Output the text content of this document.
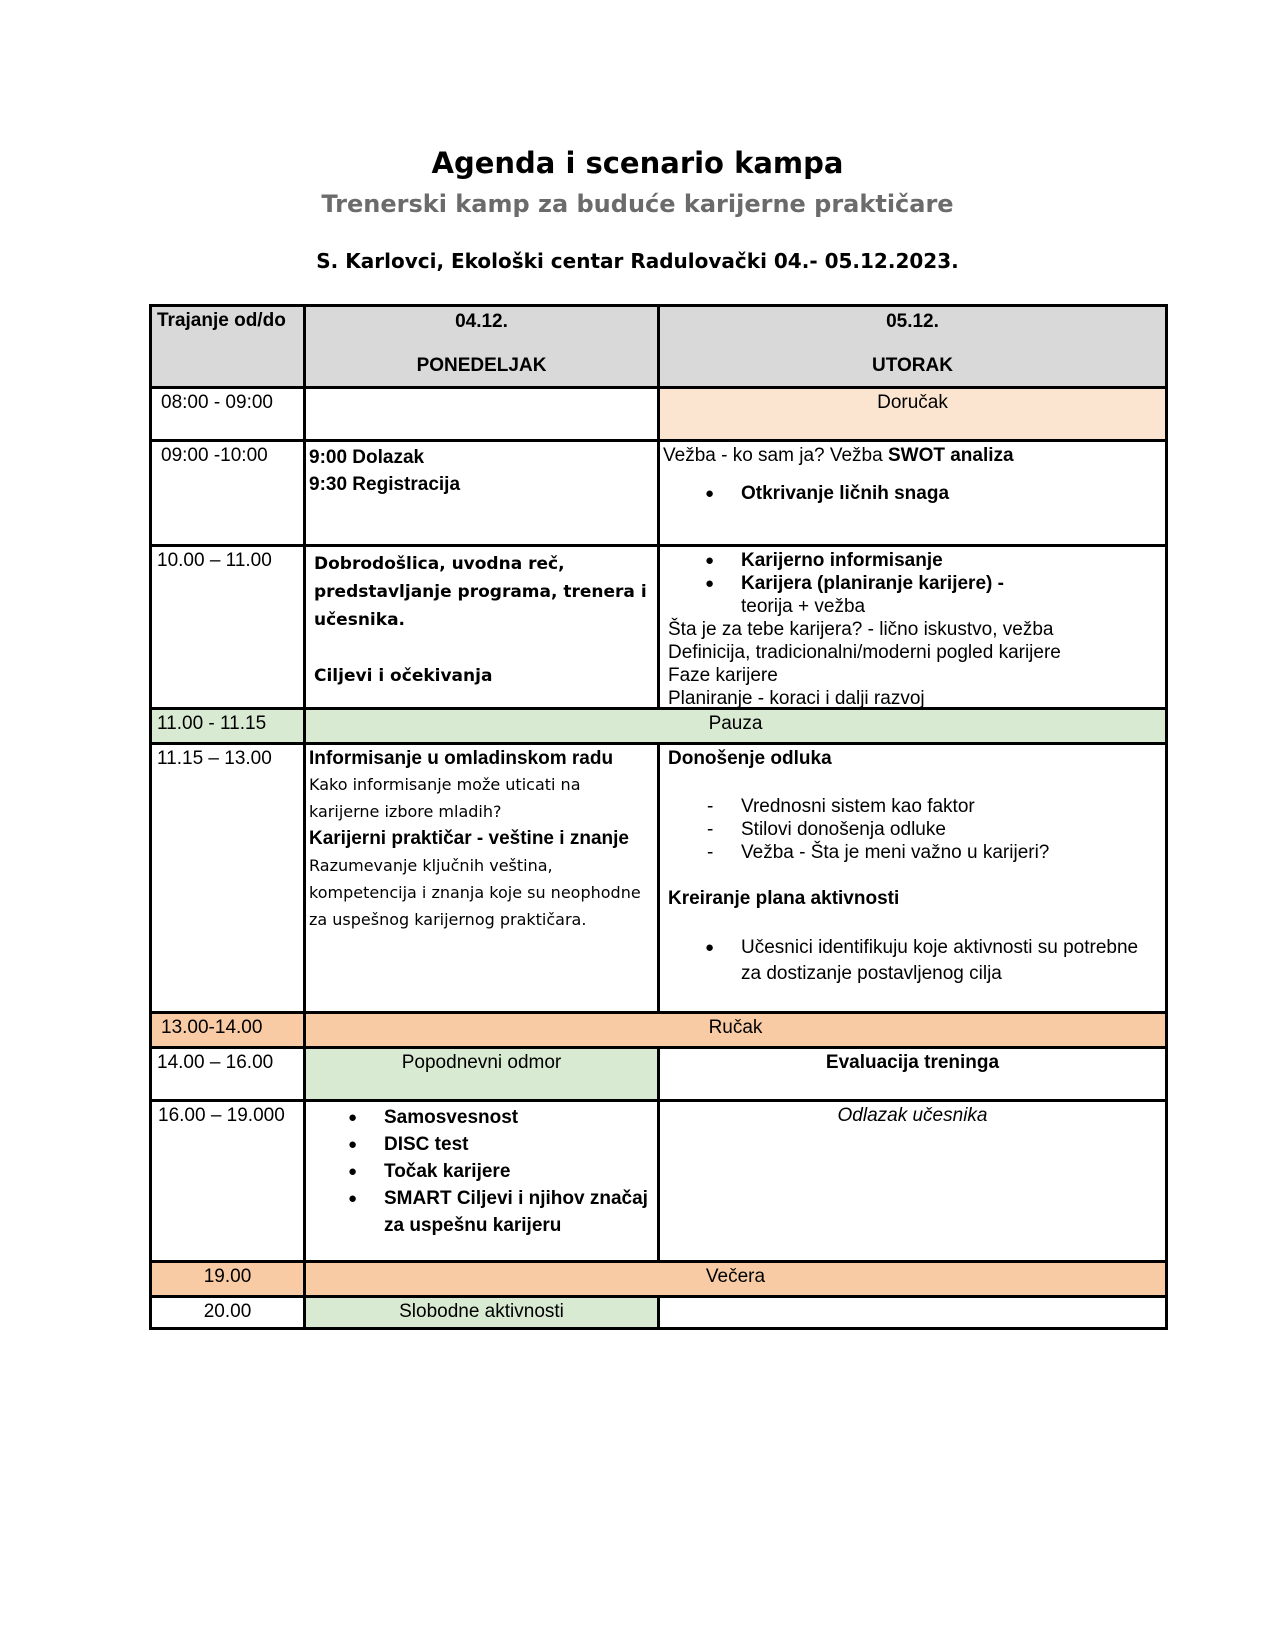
Agenda i scenario kampa
Trenerski kamp za buduće karijerne praktičare

S. Karlovci, Ekološki centar Radulovački 04.- 05.12.2023.

Trajanje od/do	04.12.

PONEDELJAK

05.12.

UTORAK

08:00 - 09:00	Doručak
09:00 -10:00	9:00 Dolazak

9:30 Registracija

Vežba - ko sam ja? Vežba SWOT analiza

● Otkrivanje ličnih snaga
10.00 – 11.00	Dobrodošlica, uvodna reč, predstavljanje programa, trenera i učesnika.

Ciljevi i očekivanja

● Karijerno informisanje
● Karijera (planiranje karijere) -
teorija + vežba

Šta je za tebe karijera? - lično iskustvo, vežba

Definicija, tradicionalni/moderni pogled karijere

Faze karijere

Planiranje - koraci i dalji razvoj

11.00 - 11.15	Pauza
11.15 – 13.00	Informisanje u omladinskom radu

Kako informisanje može uticati na karijerne izbore mladih?

Karijerni praktičar - veštine i znanje

Razumevanje ključnih veština, kompetencija i znanja koje su neophodne za uspešnog karijernog praktičara.

Donošenje odluka

- Vrednosni sistem kao faktor
- Stilovi donošenja odluke
- Vežba - Šta je meni važno u karijeri?

Kreiranje plana aktivnosti

● Učesnici identifikuju koje aktivnosti su potrebne za dostizanje postavljenog cilja
13.00-14.00	Ručak
14.00 – 16.00	Popodnevni odmor	Evaluacija treninga
16.00 – 19.000
●	Samosvesnost
● DISC test
● Točak karijere
● SMART Ciljevi i njihov značaj za uspešnu karijeru
Odlazak učesnika
19.00	Večera
20.00	Slobodne aktivnosti
